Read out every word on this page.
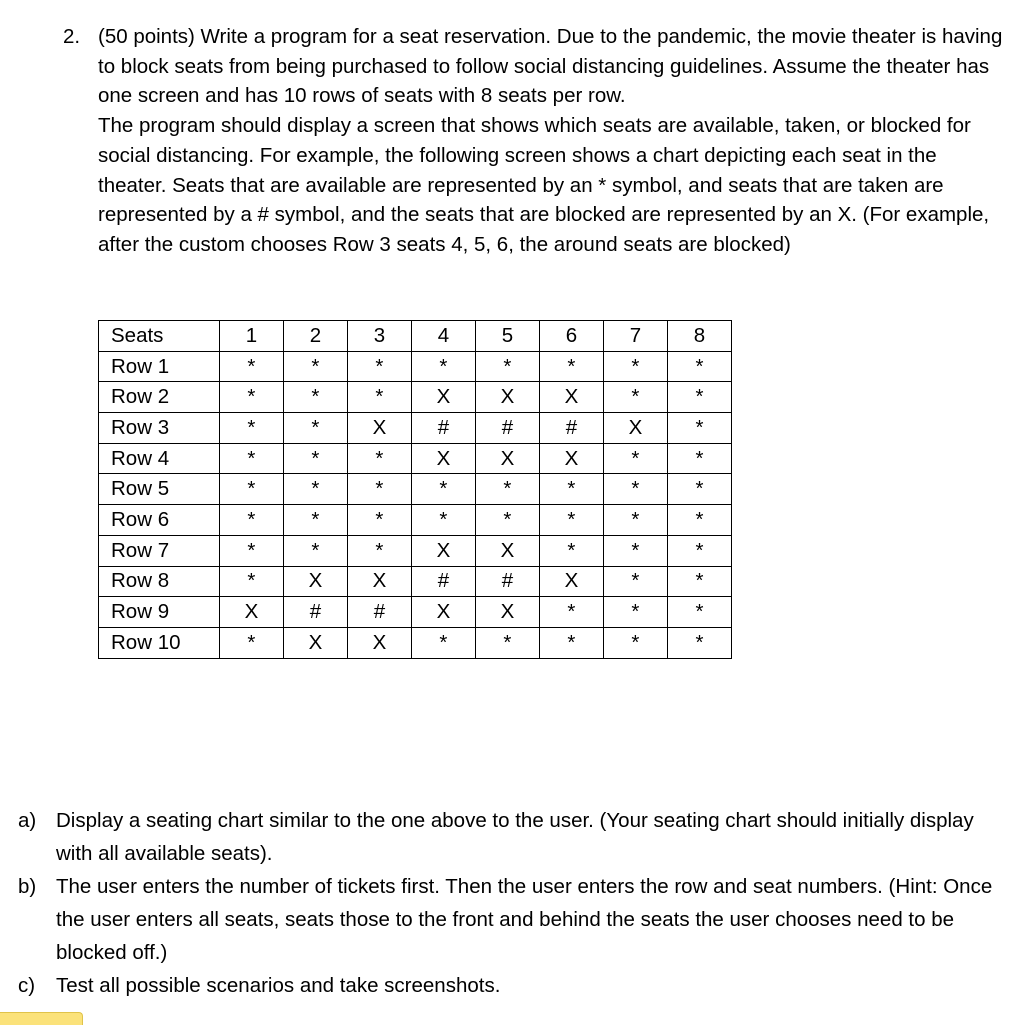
2. (50 points) Write a program for a seat reservation. Due to the pandemic, the movie theater is having to block seats from being purchased to follow social distancing guidelines. Assume the theater has one screen and has 10 rows of seats with 8 seats per row.

The program should display a screen that shows which seats are available, taken, or blocked for social distancing. For example, the following screen shows a chart depicting each seat in the theater. Seats that are available are represented by an * symbol, and seats that are taken are represented by a # symbol, and the seats that are blocked are represented by an X. (For example, after the custom chooses Row 3 seats 4, 5, 6, the around seats are blocked)

Seats	1	2	3	4	5	6	7	8
Row 1	*	*	*	*	*	*	*	*
Row 2	*	*	*	X	X	X	*	*
Row 3	*	*	X	#	#	#	X	*
Row 4	*	*	*	X	X	X	*	*
Row 5	*	*	*	*	*	*	*	*
Row 6	*	*	*	*	*	*	*	*
Row 7	*	*	*	X	X	*	*	*
Row 8	*	X	X	#	#	X	*	*
Row 9	X	#	#	X	X	*	*	*
Row 10	*	X	X	*	*	*	*	*
a) Display a seating chart similar to the one above to the user. (Your seating chart should initially display with all available seats).
b) The user enters the number of tickets first. Then the user enters the row and seat numbers. (Hint: Once the user enters all seats, seats those to the front and behind the seats the user chooses need to be blocked off.)
c) Test all possible scenarios and take screenshots.
